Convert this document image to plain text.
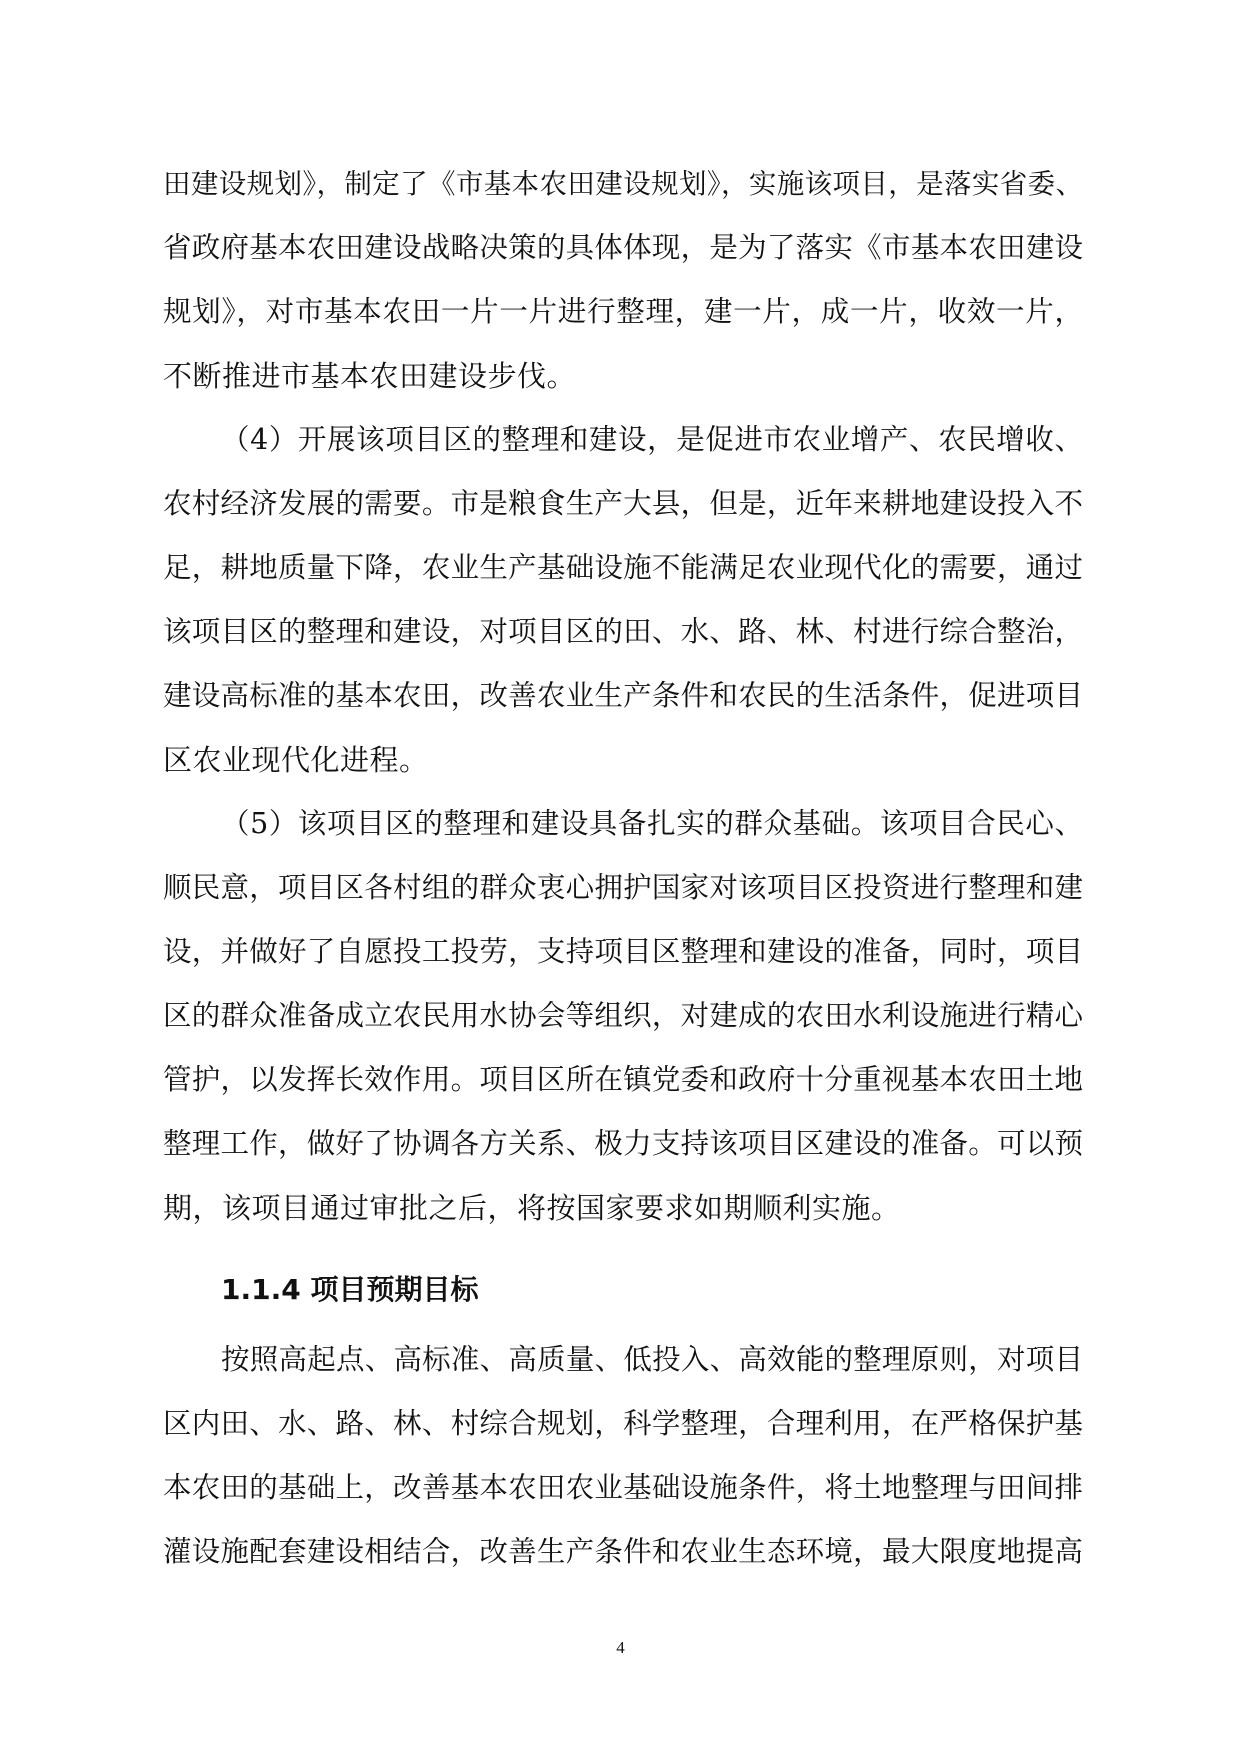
田建设规划》，制定了《市基本农田建设规划》，实施该项目，是落实省委、
省政府基本农田建设战略决策的具体体现，是为了落实《市基本农田建设
规划》，对市基本农田一片一片进行整理，建一片，成一片，收效一片，
不断推进市基本农田建设步伐。
（4）开展该项目区的整理和建设，是促进市农业增产、农民增收、
农村经济发展的需要。市是粮食生产大县，但是，近年来耕地建设投入不
足，耕地质量下降，农业生产基础设施不能满足农业现代化的需要，通过
该项目区的整理和建设，对项目区的田、水、路、林、村进行综合整治，
建设高标准的基本农田，改善农业生产条件和农民的生活条件，促进项目
区农业现代化进程。
（5）该项目区的整理和建设具备扎实的群众基础。该项目合民心、
顺民意，项目区各村组的群众衷心拥护国家对该项目区投资进行整理和建
设，并做好了自愿投工投劳，支持项目区整理和建设的准备，同时，项目
区的群众准备成立农民用水协会等组织，对建成的农田水利设施进行精心
管护，以发挥长效作用。项目区所在镇党委和政府十分重视基本农田土地
整理工作，做好了协调各方关系、极力支持该项目区建设的准备。可以预
期，该项目通过审批之后，将按国家要求如期顺利实施。
1.1.4 项目预期目标
按照高起点、高标准、高质量、低投入、高效能的整理原则，对项目
区内田、水、路、林、村综合规划，科学整理，合理利用，在严格保护基
本农田的基础上，改善基本农田农业基础设施条件，将土地整理与田间排
灌设施配套建设相结合，改善生产条件和农业生态环境，最大限度地提高
4
